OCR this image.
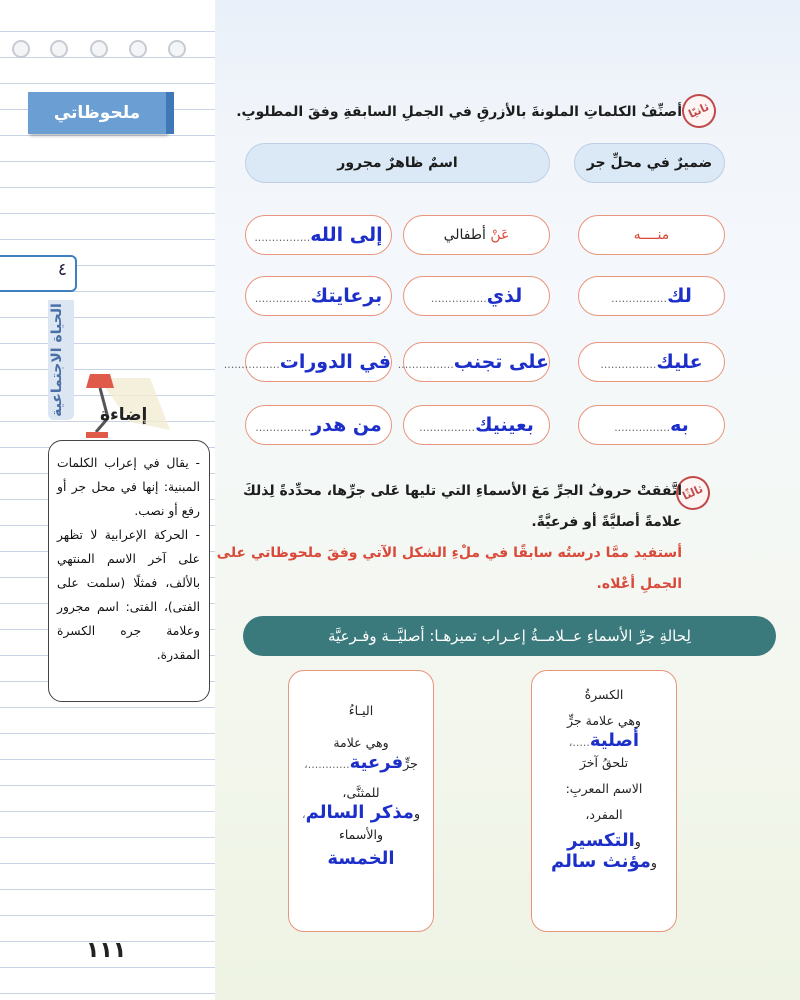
ملحوظاتي
٤
الحياة الاجتماعية	إضاءة

- يقال في إعراب الكلمات المبنية: إنها في محل جر أو رفع أو نصب.

- الحركة الإعرابية لا تظهر على آخر الاسم المنتهي بالألف، فمثلًا (سلمت على الفتى)، الفتى: اسم مجرور وعلامة جره الكسرة المقدرة.

١١١
ثانيًا
أصنِّفُ الكلماتِ الملونةَ بالأزرقِ في الجملِ السابقةِ وفقَ المطلوبِ.
ضميرٌ في محلِّ جر
اسمٌ ظاهرٌ مجرور
منــــه
عَنْ أطفالي
إلى الله................
لك................
لذي................
برعايتك................
عليك................
على تجنب................
في الدورات................
به................
بعينيك................
من هدر................
ثالثًا
اتَّفقتْ حروفُ الجرِّ مَعَ الأسماءِ التي تليها عَلى جرِّها، محدِّدةً لِذلكَ علامةً أصليَّةً أو فرعيَّةً.
أستفيد ممَّا درستُه سابقًا في ملْءِ الشكل الآتي وفقَ ملحوظاتي على الجملِ أعْلاه.
لِحالةِ جرِّ الأسماءِ عــلامــةُ إعـراب تميزهـا: أصليَّــة وفـرعيَّة
الكسرةُ
وهي علامة جرٍّ
أصلية.....،
تلحقُ آخرَ
الاسم المعربِ:
المفرد،
والتكسير
ومؤنث سالم
اليـاءُ
وهي علامة
جرٍّفرعية............،
للمثنَّى،
ومذكر السالم،
والأسماء
الخمسة
